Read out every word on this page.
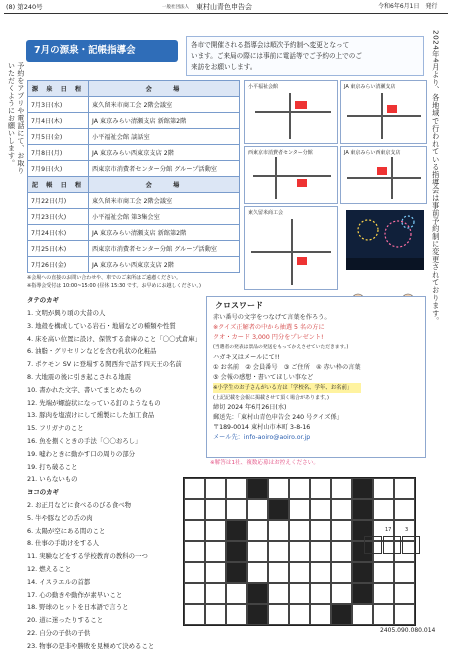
(8) 第240号	一般社団法人 東村山青色申告会	令和6年6月1日　発行
予約をアプリや電話にて、お取り
いただくようにお願いします。	2024年4月より、各地域で行われている指導会は事前予約制に変更されております。
7月の源泉・記帳指導会	各市で開催される指導会は順次予約制へ変更となって
います。ご来局の際には事前に電話等でご予約の上でのご
来訪をお願いします。
源 泉 日 程	会　　場
7月3日(水)	東久留米市商工会 2階会議室
7月4日(木)	JA 東京みらい清瀬支店 新館第2階
7月5日(金)	小平福祉会館 談話室
7月8日(月)	JA 東京みらい西東京支店 2階
7月9日(火)	西東京市消費者センター分館 グループ活動室
記 帳 日 程	会　　場
7月22日(月)	東久留米市商工会 2階会議室
7月23日(火)	小平福祉会館 第3集会室
7月24日(水)	JA 東京みらい清瀬支店 新館第2階
7月25日(木)	西東京市消費者センター分館 グループ活動室
7月26日(金)	JA 東京みらい西東京支店 2階
※会場への直接のお問い合わせや、車でのご来所はご遠慮ください。
※指導会受付は 10:00~15:00 (昼休 15:30 です。お早めにお越しください。)
小平福祉会館	JA 東京みらい清瀬支店
西東京市消費者センター分館	JA 東京みらい西東京支店
東久留米商工会
クロスワード
赤い番号の文字をつなげて言葉を作ろう。
※クイズ正解者の中から抽選 5 名の方に
クオ・カード 3,000 円分をプレゼント!
(当選者の発表は景品の発送をもってかえさせていただきます。)
ハガキ又はメールにて!!
① お名前　② 会員番号　③ ご住所　④ 赤い枠の言葉
⑤ 会報の感想・書いてほしい事など
※小学生のお子さんがいる方は「学校名、学年、お名前」
(上記記載を会報に掲載させて頂く場合があります。)
締切 2024 年6月26日(水)
郵送先：「東村山青色申告会 240 号クイズ係」
〒189-0014 東村山市本町 3-8-16
メール先：info-aoiro@aoiro.or.jp
※解答は1社、複数応募はお控えください。
タテのカギ
1. 文明が興り頃の大昔の人
3. 地殻を構成している岩石・地層などの種類や性質
4. 床を高い位置に設け、保管する倉庫のこと「〇〇式倉庫」
6. 油脂・グリセリンなどを含む乳状の化粧品
7. ポケモン SV に登場する関西弁で話す四天王の名前
8. 大地震の後に引き起こされる地震
10. 書かれた文字、書いてまとめたもの
12. 先端が螺旋状になっている釘のようなもの
13. 豚肉を塩漬けにして燻製にした加工食品
15. フリガナのこと
16. 魚を捌くときの手法「〇〇おろし」
19. 嘘わときに動かす口の周りの部分
19. 打ち破ること
21. いらないもの
ヨコのカギ
2. お正月などに食べるのびる食べ物
5. 牛や豚などの舌の肉
6. 太陽が空にある間のこと
8. 仕事の手助けをする人
11. 実験などをする学校教育の教科の一つ
12. 燃えること
14. イスラエルの首都
17. 心の動きや動作が素早いこと
18. 野球のヒットを日本語で言うと
20. 道に迷ったりすること
22. 自分の子供の子供
23. 物事の是非や勝敗を見極めて決めること
1	17	3
2405.090.080.014
